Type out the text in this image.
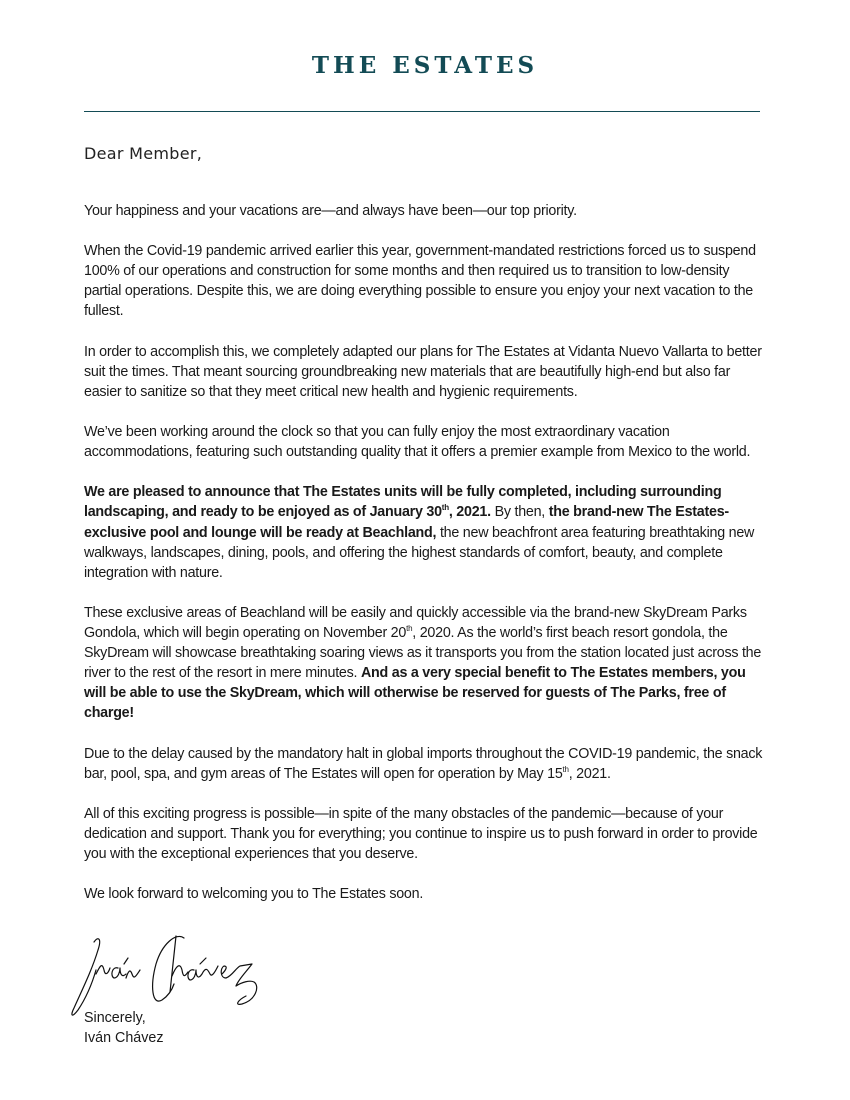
THE ESTATES
Dear Member,

Your happiness and your vacations are—and always have been—our top priority.

When the Covid-19 pandemic arrived earlier this year, government-mandated restrictions forced us to suspend 100% of our operations and construction for some months and then required us to transition to low-density partial operations. Despite this, we are doing everything possible to ensure you enjoy your next vacation to the fullest.

In order to accomplish this, we completely adapted our plans for The Estates at Vidanta Nuevo Vallarta to better suit the times. That meant sourcing groundbreaking new materials that are beautifully high-end but also far easier to sanitize so that they meet critical new health and hygienic requirements.

We’ve been working around the clock so that you can fully enjoy the most extraordinary vacation accommodations, featuring such outstanding quality that it offers a premier example from Mexico to the world.

We are pleased to announce that The Estates units will be fully completed, including surrounding landscaping, and ready to be enjoyed as of January 30th, 2021. By then, the brand-new The Estates-exclusive pool and lounge will be ready at Beachland, the new beachfront area featuring breathtaking new walkways, landscapes, dining, pools, and offering the highest standards of comfort, beauty, and complete integration with nature.

These exclusive areas of Beachland will be easily and quickly accessible via the brand-new SkyDream Parks Gondola, which will begin operating on November 20th, 2020. As the world’s first beach resort gondola, the SkyDream will showcase breathtaking soaring views as it transports you from the station located just across the river to the rest of the resort in mere minutes. And as a very special benefit to The Estates members, you will be able to use the SkyDream, which will otherwise be reserved for guests of The Parks, free of charge!

Due to the delay caused by the mandatory halt in global imports throughout the COVID-19 pandemic, the snack bar, pool, spa, and gym areas of The Estates will open for operation by May 15th, 2021.

All of this exciting progress is possible—in spite of the many obstacles of the pandemic—because of your dedication and support. Thank you for everything; you continue to inspire us to push forward in order to provide you with the exceptional experiences that you deserve.

We look forward to welcoming you to The Estates soon.

Sincerely,
Iván Chávez
